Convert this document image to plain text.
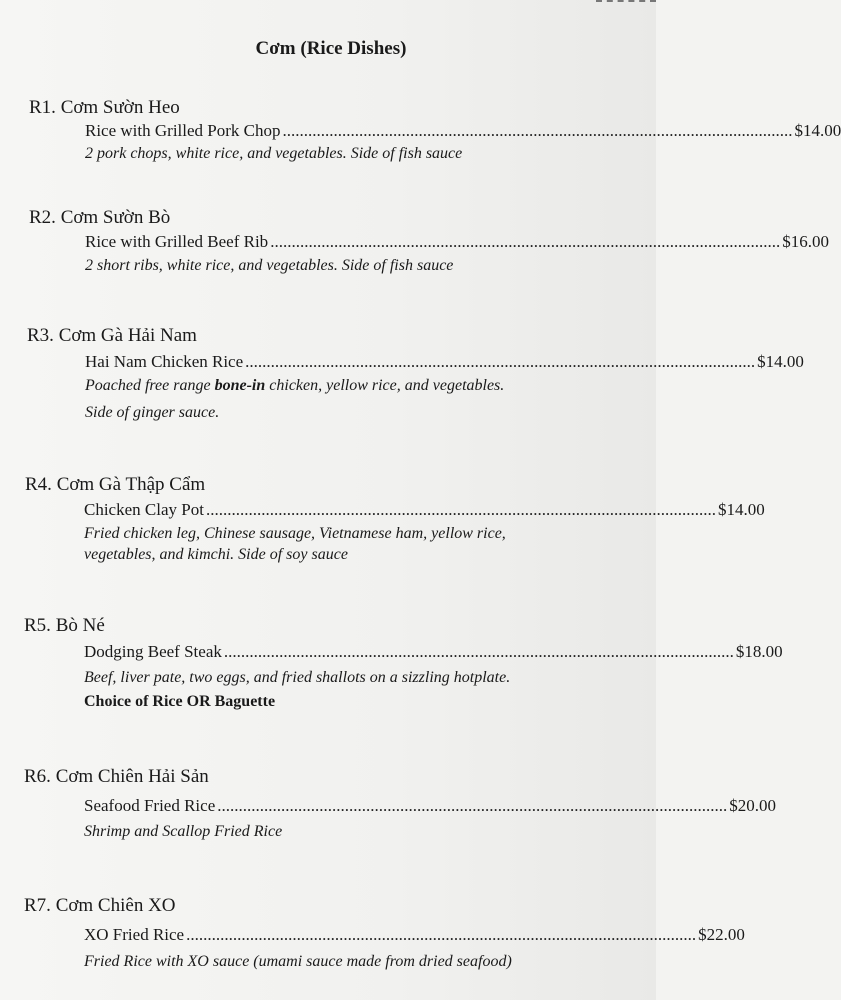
Cơm (Rice Dishes)
R1. Cơm Sườn Heo
Rice with Grilled Pork Chop ........................................................................................................................ $14.00
2 pork chops, white rice, and vegetables. Side of fish sauce
R2. Cơm Sườn Bò
Rice with Grilled Beef Rib ........................................................................................................................ $16.00
2 short ribs, white rice, and vegetables. Side of fish sauce
R3. Cơm Gà Hải Nam
Hai Nam Chicken Rice ........................................................................................................................ $14.00
Poached free range bone-in chicken, yellow rice, and vegetables.
Side of ginger sauce.
R4. Cơm Gà Thập Cẩm
Chicken Clay Pot ........................................................................................................................ $14.00
Fried chicken leg, Chinese sausage, Vietnamese ham, yellow rice,
vegetables, and kimchi. Side of soy sauce
R5. Bò Né
Dodging Beef Steak ........................................................................................................................ $18.00
Beef, liver pate, two eggs, and fried shallots on a sizzling hotplate.
Choice of Rice OR Baguette
R6. Cơm Chiên Hải Sản
Seafood Fried Rice ........................................................................................................................ $20.00
Shrimp and Scallop Fried Rice
R7. Cơm Chiên XO
XO Fried Rice ........................................................................................................................ $22.00
Fried Rice with XO sauce (umami sauce made from dried seafood)
